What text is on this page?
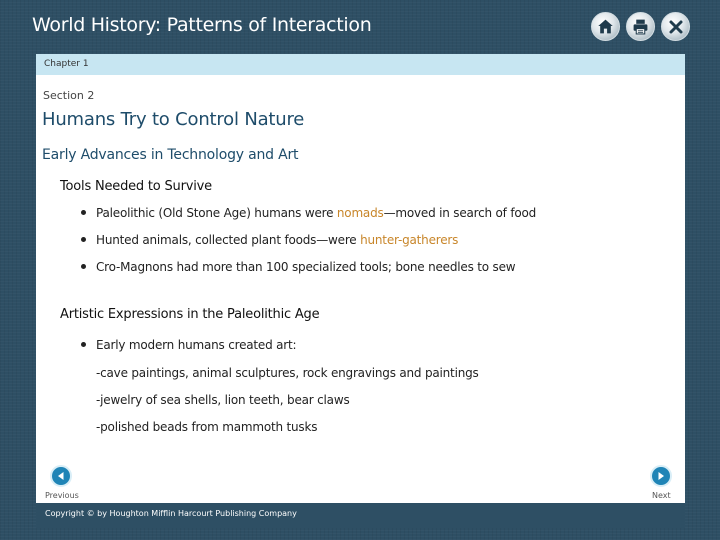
World History: Patterns of Interaction
Chapter 1
Section 2
Humans Try to Control Nature
Early Advances in Technology and Art
Tools Needed to Survive
Paleolithic (Old Stone Age) humans were nomads—moved in search of food
Hunted animals, collected plant foods—were hunter-gatherers
Cro-Magnons had more than 100 specialized tools; bone needles to sew
Artistic Expressions in the Paleolithic Age
Early modern humans created art:
-cave paintings, animal sculptures, rock engravings and paintings
-jewelry of sea shells, lion teeth, bear claws
-polished beads from mammoth tusks
Previous	Next
Copyright © by Houghton Mifflin Harcourt Publishing Company
